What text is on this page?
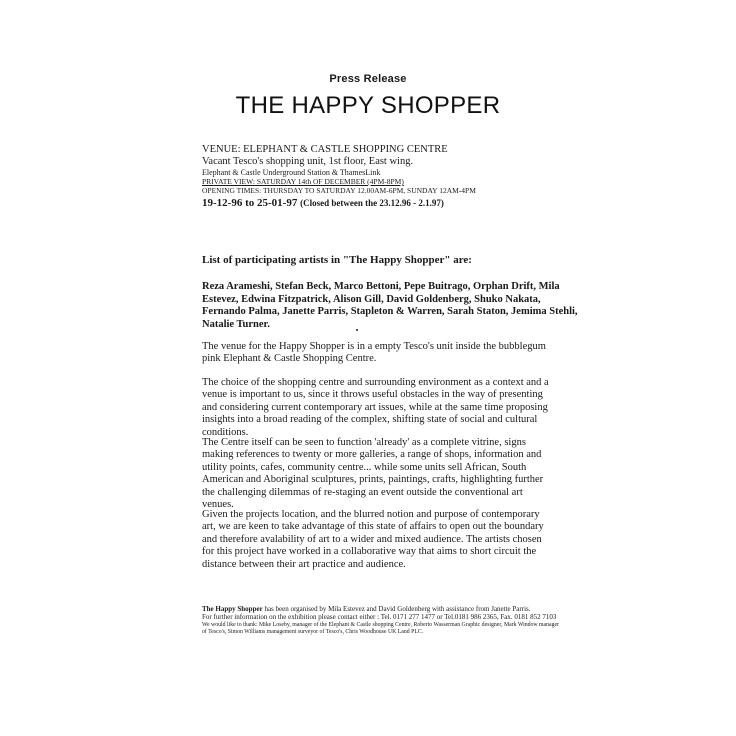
Press Release
THE HAPPY SHOPPER
VENUE: ELEPHANT & CASTLE SHOPPING CENTRE
Vacant Tesco's shopping unit, 1st floor, East wing.
Elephant & Castle Underground Station & ThamesLink
PRIVATE VIEW: SATURDAY 14th OF DECEMBER (4PM-8PM)
OPENING TIMES: THURSDAY TO SATURDAY 12.00AM-6PM, SUNDAY 12AM-4PM
19-12-96 to 25-01-97 (Closed between the 23.12.96 - 2.1.97)
List of participating artists in "The Happy Shopper" are:
Reza Arameshi, Stefan Beck, Marco Bettoni, Pepe Buitrago, Orphan Drift, Mila Estevez, Edwina Fitzpatrick, Alison Gill, David Goldenberg, Shuko Nakata, Fernando Palma, Janette Parris, Stapleton & Warren, Sarah Staton, Jemima Stehli, Natalie Turner.
The venue for the Happy Shopper is in a empty Tesco's unit inside the bubblegum pink Elephant & Castle Shopping Centre.
The choice of the shopping centre and surrounding environment as a context and a venue is important to us, since it throws useful obstacles in the way of presenting and considering current contemporary art issues, while at the same time proposing insights into a broad reading of the complex, shifting state of social and cultural conditions.
The Centre itself can be seen to function 'already' as a complete vitrine, signs making references to twenty or more galleries, a range of shops, information and utility points, cafes, community centre... while some units sell African, South American and Aboriginal sculptures, prints, paintings, crafts, highlighting further the challenging dilemmas of re-staging an event outside the conventional art venues.
Given the projects location, and the blurred notion and purpose of contemporary art, we are keen to take advantage of this state of affairs to open out the boundary and therefore avalability of art to a wider and mixed audience. The artists chosen for this project have worked in a collaborative way that aims to short circuit the distance between their art practice and audience.
The Happy Shopper has been organised by Mila Estevez and David Goldenberg with assistance from Janette Parris.
For further information on the exhibition please contact either : Tel. 0171 277 1477 or Tel.0181 986 2365, Fax. 0181 852 7103
We would like to thank: Mike Loseby, manager of the Elephant & Castle shopping Centre, Roberto Wasserman Graphic designer, Mark Window manager of Tesco's, Simon Williams management surveyor of Tesco's, Chris Woodhouse UK Land PLC.
